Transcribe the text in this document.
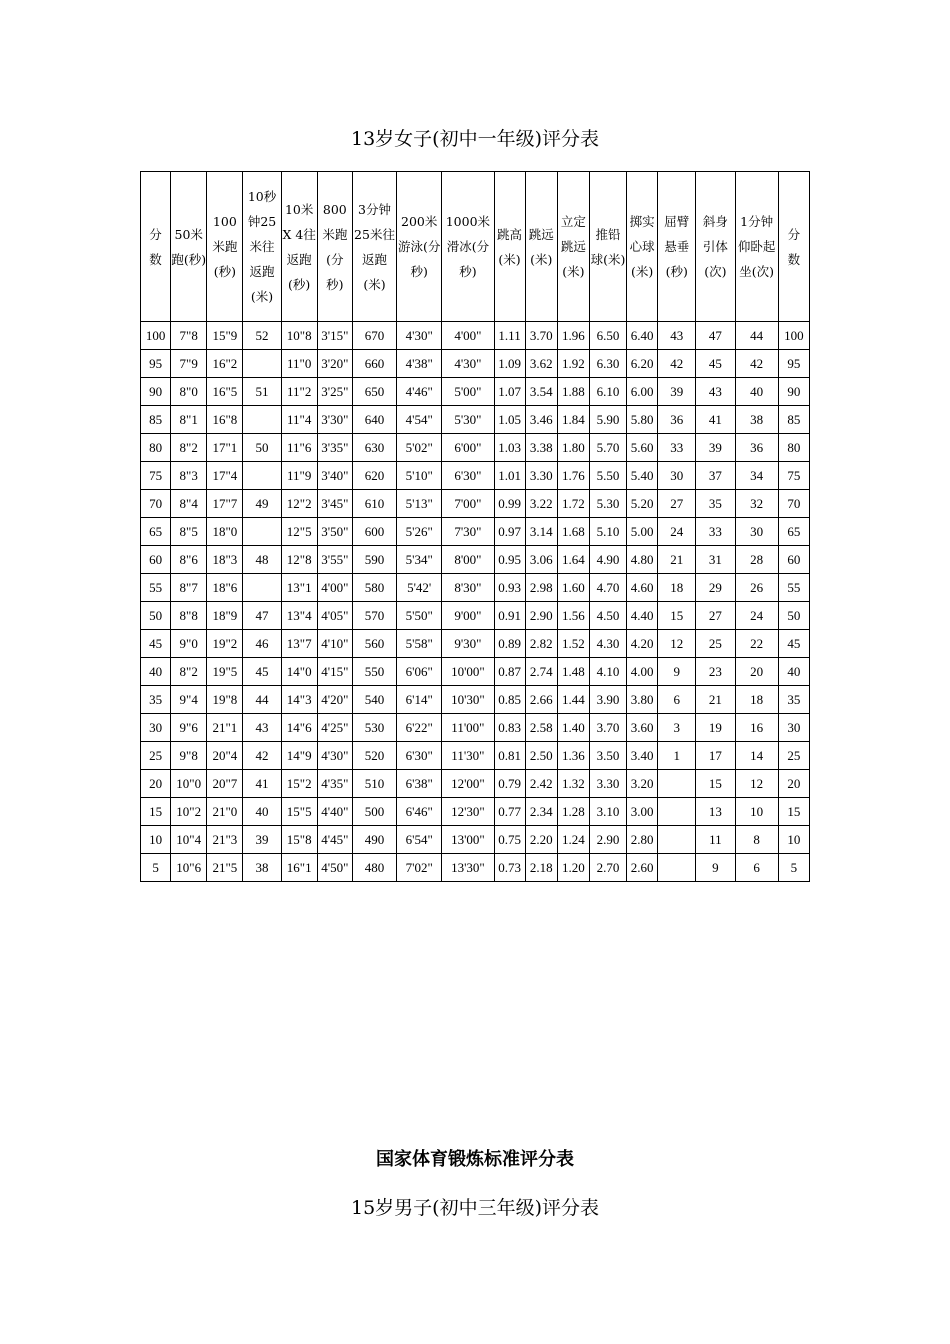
13岁女子(初中一年级)评分表
分数	50米跑(秒)	100米跑(秒)	10秒钟25米往返跑(米)	10米X 4往返跑(秒)	800米跑(分秒)	3分钟25米往返跑(米)	200米游泳(分秒)	1000米滑冰(分秒)	跳高(米)	跳远(米)	立定跳远(米)	推铅球(米)	掷实心球(米)	屈臂悬垂(秒)	斜身引体(次)	1分钟仰卧起坐(次)	分数
100	7"8	15"9	52	10"8	3'15"	670	4'30"	4'00"	1.11	3.70	1.96	6.50	6.40	43	47	44	100
95	7"9	16"2		11"0	3'20"	660	4'38"	4'30"	1.09	3.62	1.92	6.30	6.20	42	45	42	95
90	8"0	16"5	51	11"2	3'25"	650	4'46"	5'00"	1.07	3.54	1.88	6.10	6.00	39	43	40	90
85	8"1	16"8		11"4	3'30"	640	4'54"	5'30"	1.05	3.46	1.84	5.90	5.80	36	41	38	85
80	8"2	17"1	50	11"6	3'35"	630	5'02"	6'00"	1.03	3.38	1.80	5.70	5.60	33	39	36	80
75	8"3	17"4		11"9	3'40"	620	5'10"	6'30"	1.01	3.30	1.76	5.50	5.40	30	37	34	75
70	8"4	17"7	49	12"2	3'45"	610	5'13"	7'00"	0.99	3.22	1.72	5.30	5.20	27	35	32	70
65	8"5	18"0		12"5	3'50"	600	5'26"	7'30"	0.97	3.14	1.68	5.10	5.00	24	33	30	65
60	8"6	18"3	48	12"8	3'55"	590	5'34"	8'00"	0.95	3.06	1.64	4.90	4.80	21	31	28	60
55	8"7	18"6		13"1	4'00"	580	5'42'	8'30"	0.93	2.98	1.60	4.70	4.60	18	29	26	55
50	8"8	18"9	47	13"4	4'05"	570	5'50"	9'00"	0.91	2.90	1.56	4.50	4.40	15	27	24	50
45	9"0	19"2	46	13"7	4'10"	560	5'58"	9'30"	0.89	2.82	1.52	4.30	4.20	12	25	22	45
40	8"2	19"5	45	14"0	4'15"	550	6'06"	10'00"	0.87	2.74	1.48	4.10	4.00	9	23	20	40
35	9"4	19"8	44	14"3	4'20"	540	6'14"	10'30"	0.85	2.66	1.44	3.90	3.80	6	21	18	35
30	9"6	21"1	43	14"6	4'25"	530	6'22"	11'00"	0.83	2.58	1.40	3.70	3.60	3	19	16	30
25	9"8	20"4	42	14"9	4'30"	520	6'30"	11'30"	0.81	2.50	1.36	3.50	3.40	1	17	14	25
20	10"0	20"7	41	15"2	4'35"	510	6'38"	12'00"	0.79	2.42	1.32	3.30	3.20		15	12	20
15	10"2	21"0	40	15"5	4'40"	500	6'46"	12'30"	0.77	2.34	1.28	3.10	3.00		13	10	15
10	10"4	21"3	39	15"8	4'45"	490	6'54"	13'00"	0.75	2.20	1.24	2.90	2.80		11	8	10
5	10"6	21"5	38	16"1	4'50"	480	7'02"	13'30"	0.73	2.18	1.20	2.70	2.60		9	6	5
国家体育锻炼标准评分表
15岁男子(初中三年级)评分表
